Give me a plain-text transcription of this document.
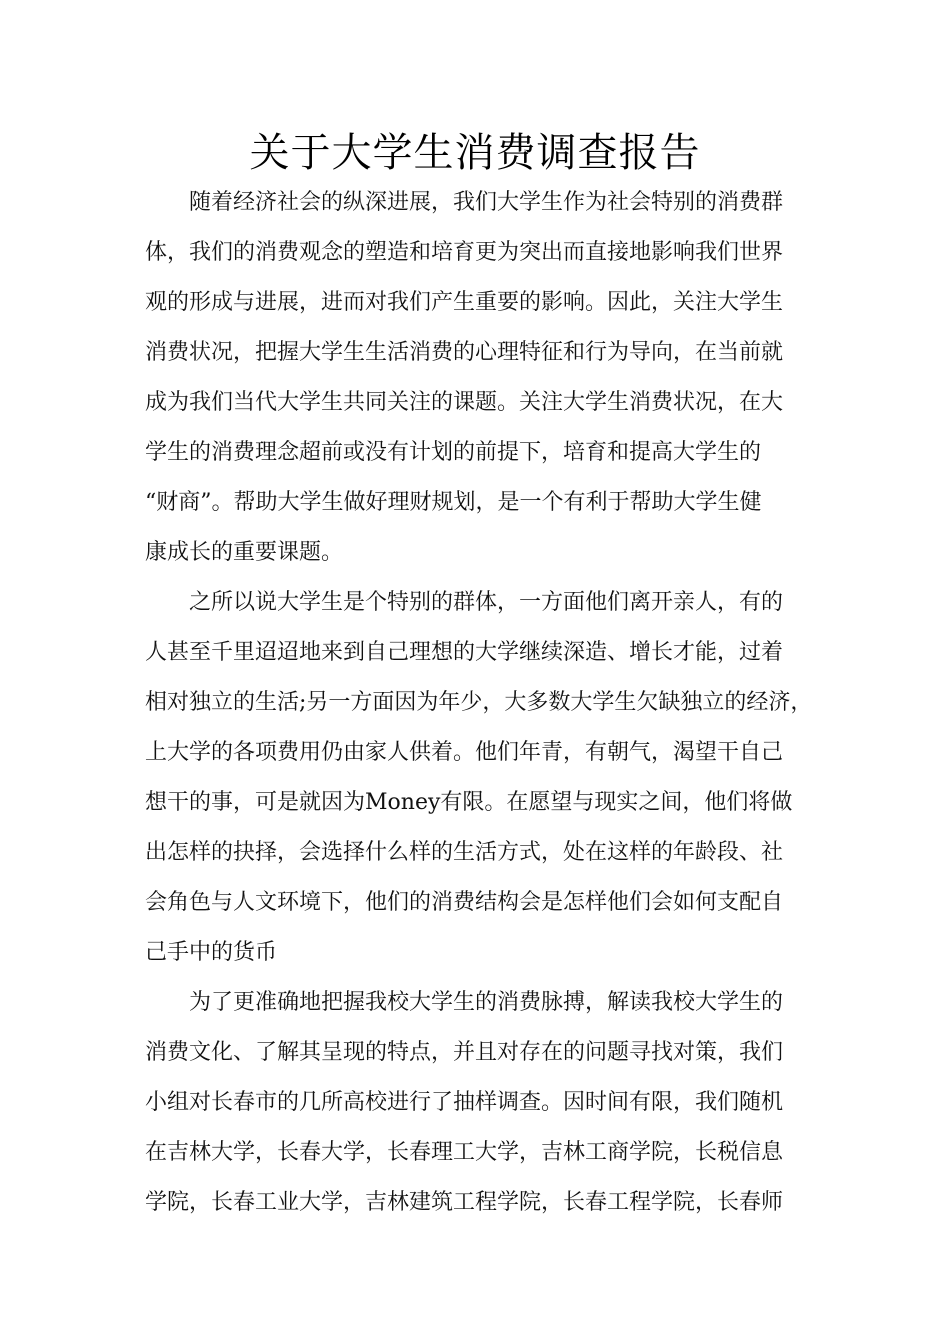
关于大学生消费调查报告
随着经济社会的纵深进展，我们大学生作为社会特别的消费群
体，我们的消费观念的塑造和培育更为突出而直接地影响我们世界
观的形成与进展，进而对我们产生重要的影响。因此，关注大学生
消费状况，把握大学生生活消费的心理特征和行为导向，在当前就
成为我们当代大学生共同关注的课题。关注大学生消费状况，在大
学生的消费理念超前或没有计划的前提下，培育和提高大学生的
“财商”。帮助大学生做好理财规划，是一个有利于帮助大学生健
康成长的重要课题。
之所以说大学生是个特别的群体，一方面他们离开亲人，有的
人甚至千里迢迢地来到自己理想的大学继续深造、增长才能，过着
相对独立的生活;另一方面因为年少，大多数大学生欠缺独立的经济，
上大学的各项费用仍由家人供着。他们年青，有朝气，渴望干自己
想干的事，可是就因为Money有限。在愿望与现实之间，他们将做
出怎样的抉择，会选择什么样的生活方式，处在这样的年龄段、社
会角色与人文环境下，他们的消费结构会是怎样他们会如何支配自
己手中的货币
为了更准确地把握我校大学生的消费脉搏，解读我校大学生的
消费文化、了解其呈现的特点，并且对存在的问题寻找对策，我们
小组对长春市的几所高校进行了抽样调查。因时间有限，我们随机
在吉林大学，长春大学，长春理工大学，吉林工商学院，长税信息
学院，长春工业大学，吉林建筑工程学院，长春工程学院，长春师
